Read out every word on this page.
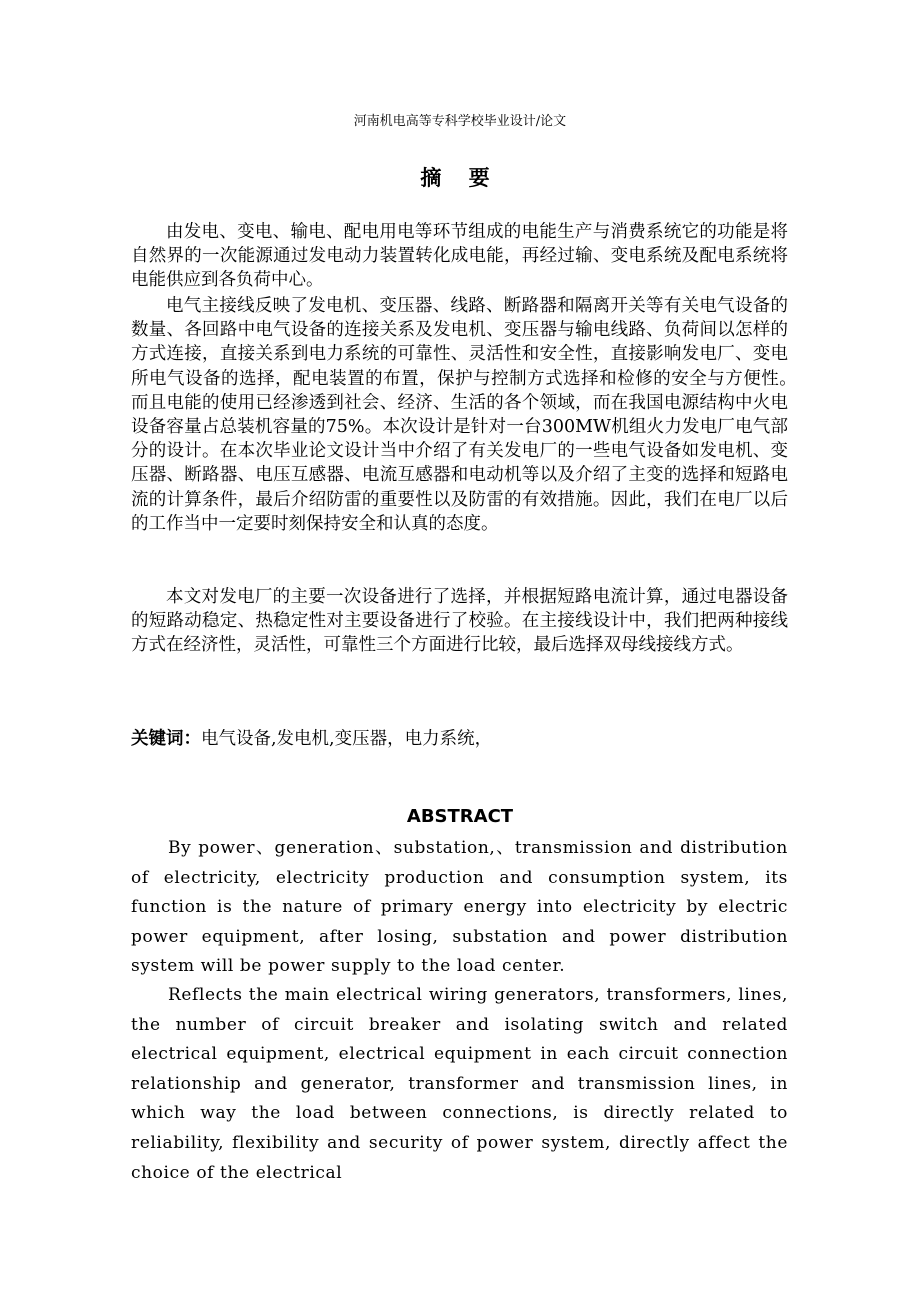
河南机电高等专科学校毕业设计/论文
摘 要

由发电、变电、输电、配电用电等环节组成的电能生产与消费系统它的功能是将自然界的一次能源通过发电动力装置转化成电能，再经过输、变电系统及配电系统将电能供应到各负荷中心。

电气主接线反映了发电机、变压器、线路、断路器和隔离开关等有关电气设备的数量、各回路中电气设备的连接关系及发电机、变压器与输电线路、负荷间以怎样的方式连接，直接关系到电力系统的可靠性、灵活性和安全性，直接影响发电厂、变电所电气设备的选择，配电装置的布置，保护与控制方式选择和检修的安全与方便性。　而且电能的使用已经渗透到社会、经济、生活的各个领域，而在我国电源结构中火电设备容量占总装机容量的75%。本次设计是针对一台300MW机组火力发电厂电气部分的设计。在本次毕业论文设计当中介绍了有关发电厂的一些电气设备如发电机、变压器、断路器、电压互感器、电流互感器和电动机等以及介绍了主变的选择和短路电流的计算条件，最后介绍防雷的重要性以及防雷的有效措施。因此，我们在电厂以后的工作当中一定要时刻保持安全和认真的态度。

本文对发电厂的主要一次设备进行了选择，并根据短路电流计算，通过电器设备的短路动稳定、热稳定性对主要设备进行了校验。在主接线设计中，我们把两种接线方式在经济性，灵活性，可靠性三个方面进行比较，最后选择双母线接线方式。

关键词：电气设备,发电机,变压器，电力系统，
ABSTRACT

By power、generation、substation,、transmission and distribution of electricity, electricity production and consumption system, its function is the nature of primary energy into electricity by electric power equipment, after losing, substation and power distribution system will be power supply to the load center.

Reflects the main electrical wiring generators, transformers, lines, the number of circuit breaker and isolating switch and related electrical equipment, electrical equipment in each circuit connection relationship and generator, transformer and transmission lines, in which way the load between connections, is directly related to reliability, flexibility and security of power system, directly affect the choice of the electrical
